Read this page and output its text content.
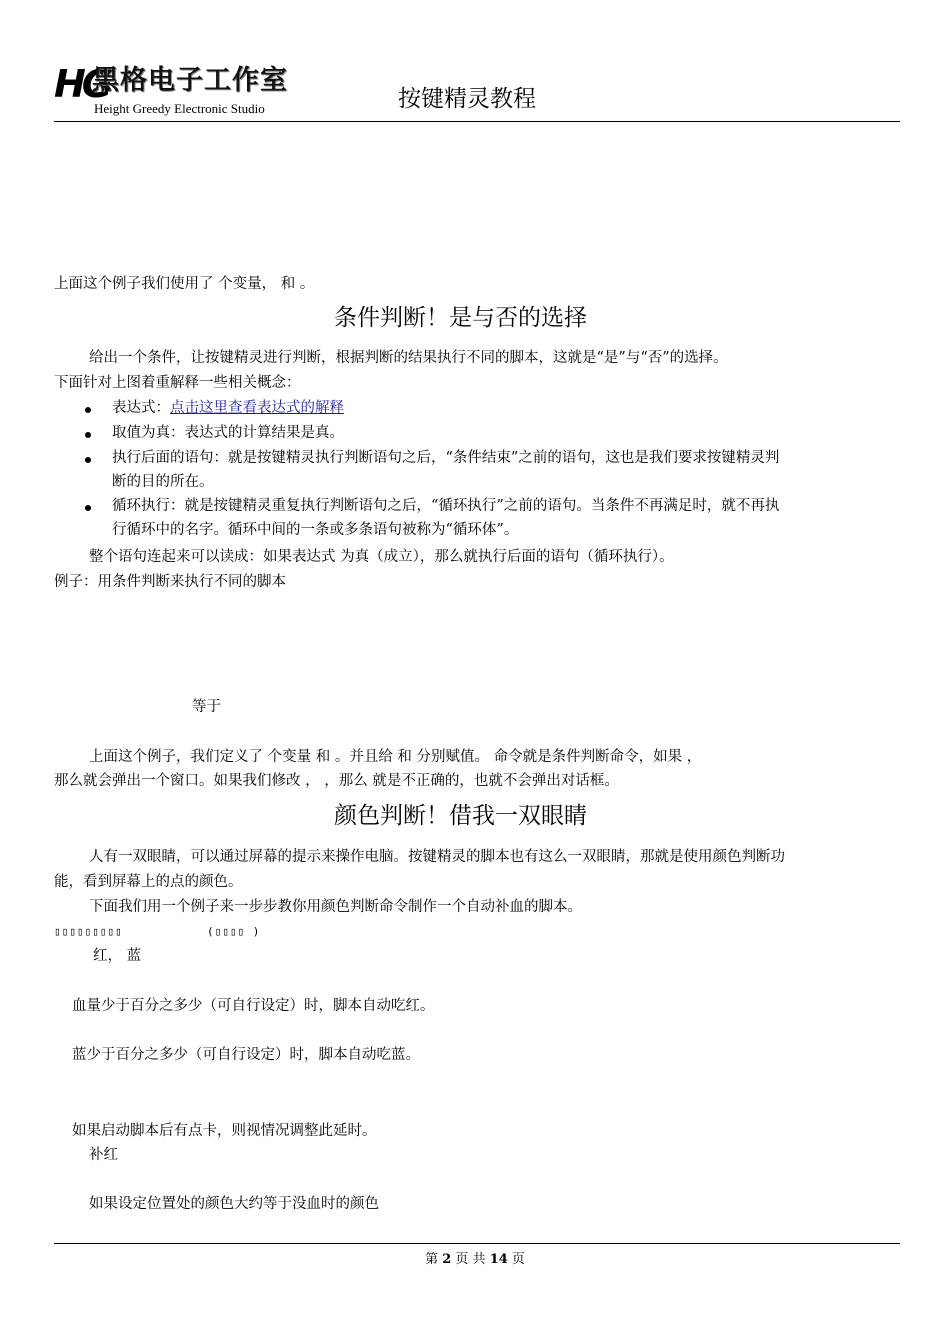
HG
黑格电子工作室
Height Greedy Electronic Studio	按键精灵教程
上面这个例子我们使用了 个变量， 和 。
条件判断！是与否的选择
给出一个条件，让按键精灵进行判断，根据判断的结果执行不同的脚本，这就是“是”与“否”的选择。
下面针对上图着重解释一些相关概念：
表达式：点击这里查看表达式的解释
取值为真：表达式的计算结果是真。
执行后面的语句：就是按键精灵执行判断语句之后，“条件结束”之前的语句，这也是我们要求按键精灵判
断的目的所在。
循环执行：就是按键精灵重复执行判断语句之后，“循环执行”之前的语句。当条件不再满足时，就不再执
行循环中的名字。循环中间的一条或多条语句被称为“循环体”。
整个语句连起来可以读成：如果表达式 为真（成立），那么就执行后面的语句（循环执行）。
例子：用条件判断来执行不同的脚本
等于
上面这个例子，我们定义了 个变量 和 。并且给 和 分别赋值。 命令就是条件判断命令，如果 ，
那么就会弹出一个窗口。如果我们修改 ， ，那么 就是不正确的，也就不会弹出对话框。
颜色判断！借我一双眼睛
人有一双眼睛，可以通过屏幕的提示来操作电脑。按键精灵的脚本也有这么一双眼睛，那就是使用颜色判断功
能，看到屏幕上的点的颜色。
下面我们用一个例子来一步步教你用颜色判断命令制作一个自动补血的脚本。
▯▯▯▯▯▯▯▯▯	(▯▯▯▯ )
红， 蓝
血量少于百分之多少（可自行设定）时，脚本自动吃红。
蓝少于百分之多少（可自行设定）时，脚本自动吃蓝。
如果启动脚本后有点卡，则视情况调整此延时。
补红
如果设定位置处的颜色大约等于没血时的颜色
第 2 页 共 14 页
